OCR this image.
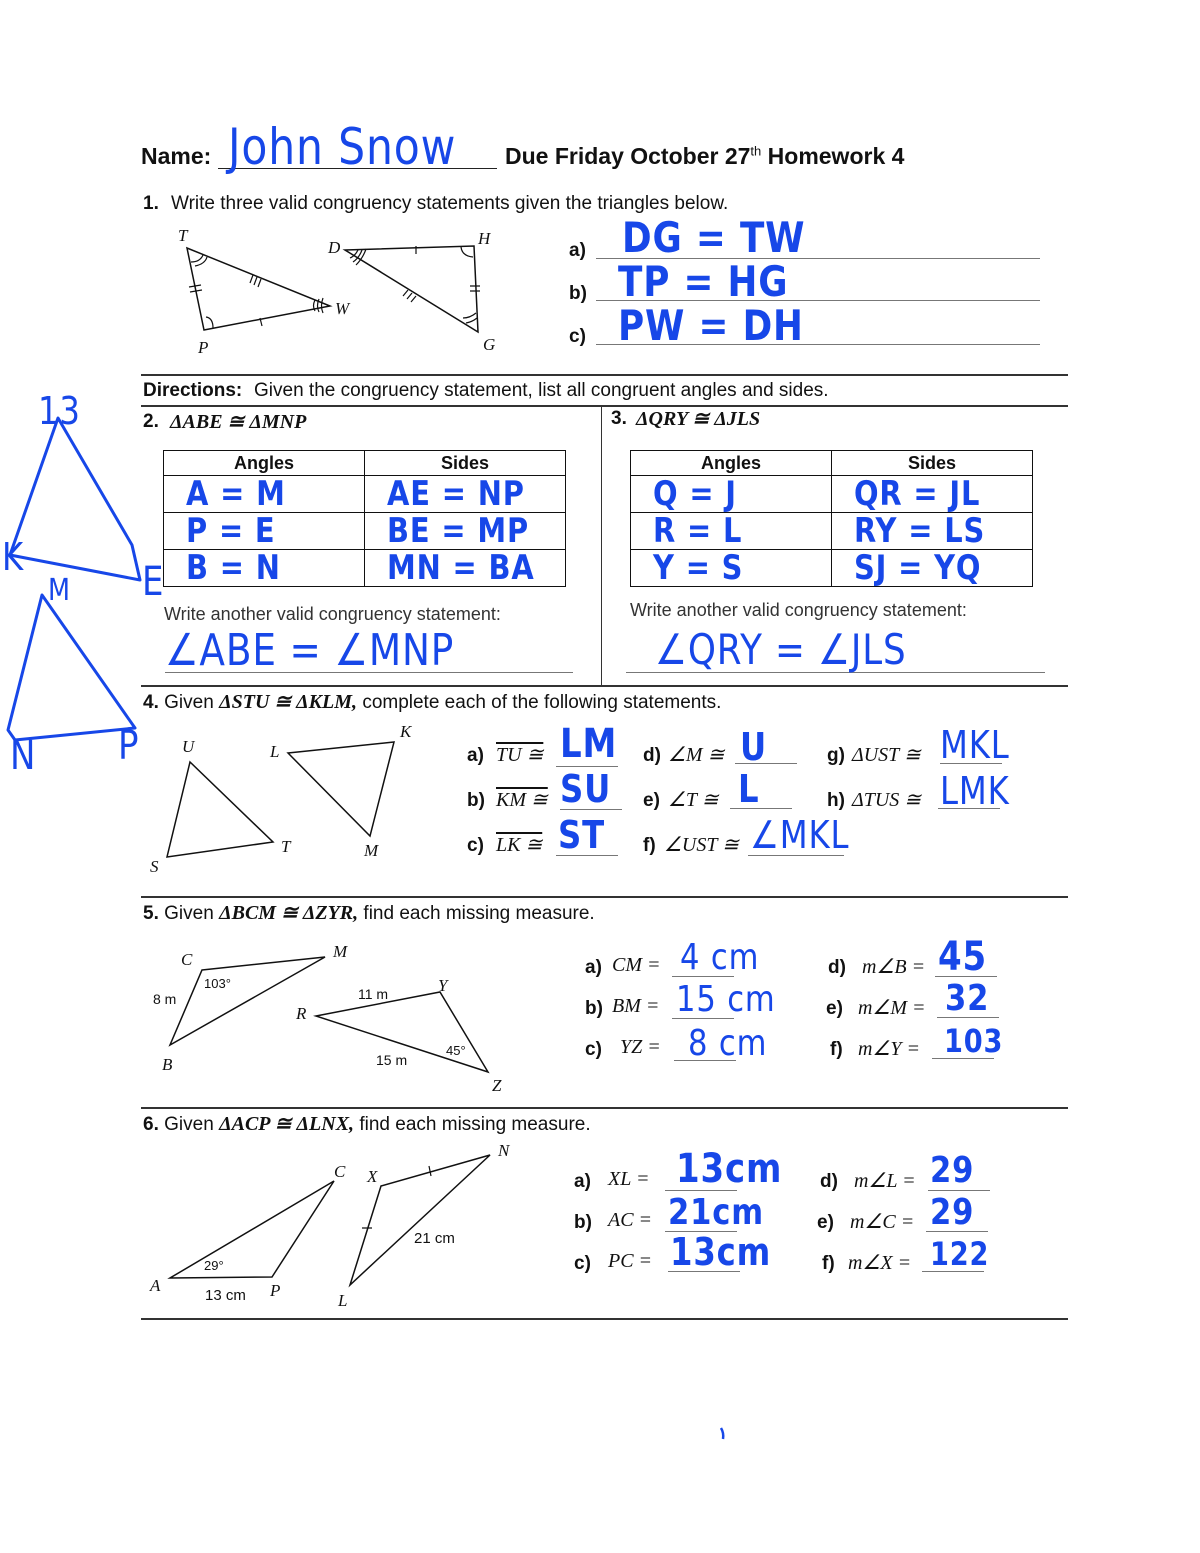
Name: John Snow Due Friday October 27th Homework 4
1. Write three valid congruency statements given the triangles below.
T
P
W
D	H
G
a) DG = TW
b) TP = HG
c) PW = DH
Directions: Given the congruency statement, list all congruent angles and sides.
2. ΔABE ≅ ΔMNP
Angles	Sides

A = M	AE = NP

P = E	BE = MP

B = N	MN = BA
Write another valid congruency statement:
∠ABE = ∠MNP
3. ΔQRY ≅ ΔJLS
Angles	Sides

Q = J	QR = JL

R = L	RY = LS

Y = S	SJ = YQ
Write another valid congruency statement:
∠QRY = ∠JLS
4. Given ΔSTU ≅ ΔKLM, complete each of the following statements.
U
T
S
L
K
M
a) TU ≅ LM
b) KM ≅ SU
c) LK ≅ ST
d) ∠M ≅ U
e) ∠T ≅ L
f) ∠UST ≅ ∠MKL
g) ΔUST ≅ MKL
h) ΔTUS ≅ LMK
5. Given ΔBCM ≅ ΔZYR, find each missing measure.
C	M
B
R
Y
Z
103°
8 m	11 m
15 m
45°
a) CM = 4 cm
b) BM = 15 cm
c) YZ = 8 cm
d) m∠B = 45
e) m∠M = 32
f) m∠Y = 103
6. Given ΔACP ≅ ΔLNX, find each missing measure.
C
A	P
X
N
L
29°
13 cm
21 cm
a) XL = 13cm
b) AC = 21cm
c) PC = 13cm
d) m∠L = 29
e) m∠C = 29
f) m∠X = 122
13
K
E
M
N P
